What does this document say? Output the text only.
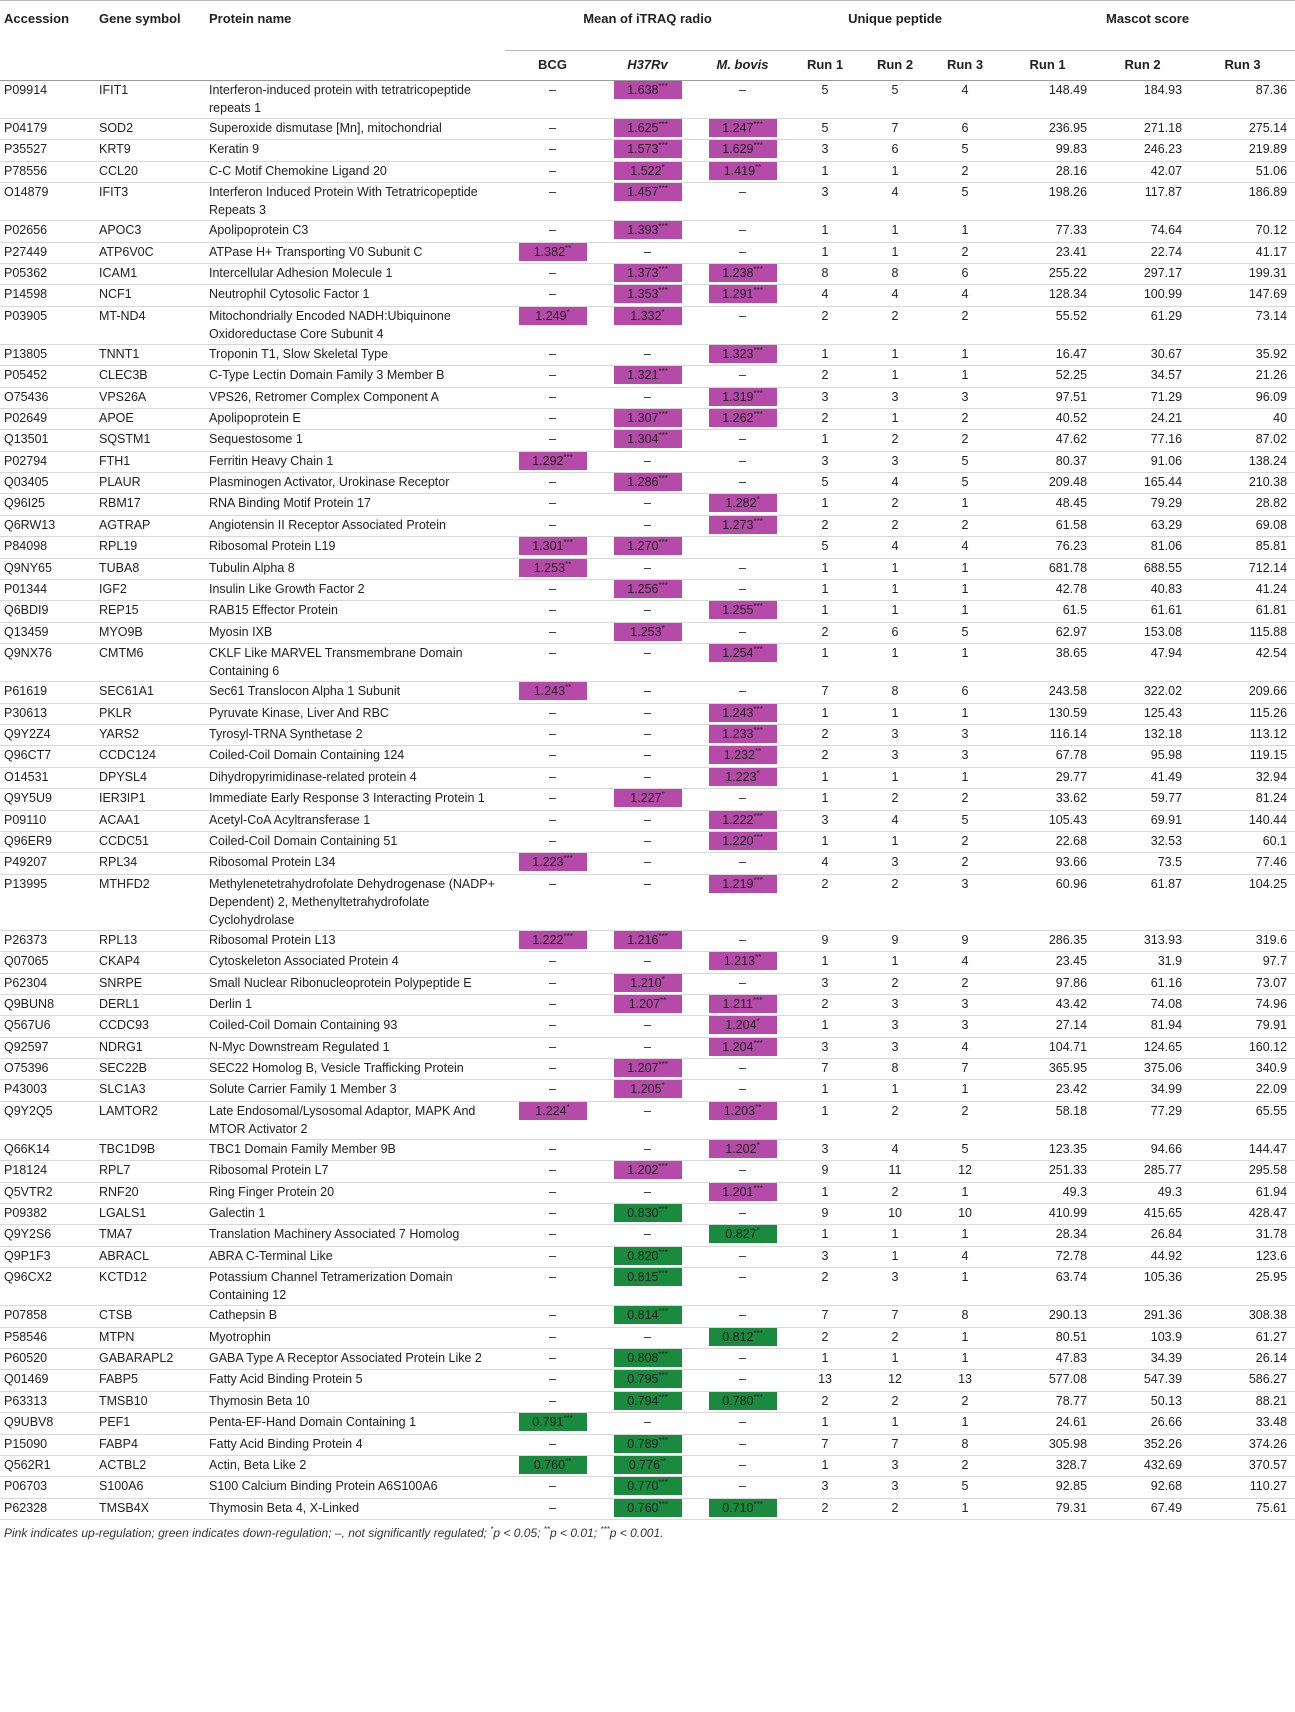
Accession	Gene symbol	Protein name	Mean of iTRAQ radio			Unique peptide			Mascot score		
			BCG	H37Rv	M. bovis	Run 1	Run 2	Run 3	Run 1	Run 2	Run 3
P09914	IFIT1	Interferon-induced protein with tetratricopeptide repeats 1	–	1.638***	–	5	5	4	148.49	184.93	87.36
P04179	SOD2	Superoxide dismutase [Mn], mitochondrial	–	1.625***	1.247***	5	7	6	236.95	271.18	275.14
P35527	KRT9	Keratin 9	–	1.573***	1.629***	3	6	5	99.83	246.23	219.89
P78556	CCL20	C-C Motif Chemokine Ligand 20	–	1.522*	1.419**	1	1	2	28.16	42.07	51.06
O14879	IFIT3	Interferon Induced Protein With Tetratricopeptide Repeats 3	–	1.457***	–	3	4	5	198.26	117.87	186.89
P02656	APOC3	Apolipoprotein C3	–	1.393***	–	1	1	1	77.33	74.64	70.12
P27449	ATP6V0C	ATPase H+ Transporting V0 Subunit C	1.382**	–	–	1	1	2	23.41	22.74	41.17
P05362	ICAM1	Intercellular Adhesion Molecule 1	–	1.373***	1.238***	8	8	6	255.22	297.17	199.31
P14598	NCF1	Neutrophil Cytosolic Factor 1	–	1.353***	1.291***	4	4	4	128.34	100.99	147.69
P03905	MT-ND4	Mitochondrially Encoded NADH:Ubiquinone Oxidoreductase Core Subunit 4	1.249*	1.332*	–	2	2	2	55.52	61.29	73.14
P13805	TNNT1	Troponin T1, Slow Skeletal Type	–	–	1.323***	1	1	1	16.47	30.67	35.92
P05452	CLEC3B	C-Type Lectin Domain Family 3 Member B	–	1.321***	–	2	1	1	52.25	34.57	21.26
O75436	VPS26A	VPS26, Retromer Complex Component A	–	–	1.319***	3	3	3	97.51	71.29	96.09
P02649	APOE	Apolipoprotein E	–	1.307***	1.262***	2	1	2	40.52	24.21	40
Q13501	SQSTM1	Sequestosome 1	–	1.304***	–	1	2	2	47.62	77.16	87.02
P02794	FTH1	Ferritin Heavy Chain 1	1.292***	–	–	3	3	5	80.37	91.06	138.24
Q03405	PLAUR	Plasminogen Activator, Urokinase Receptor	–	1.286***	–	5	4	5	209.48	165.44	210.38
Q96I25	RBM17	RNA Binding Motif Protein 17	–	–	1.282*	1	2	1	48.45	79.29	28.82
Q6RW13	AGTRAP	Angiotensin II Receptor Associated Protein	–	–	1.273***	2	2	2	61.58	63.29	69.08
P84098	RPL19	Ribosomal Protein L19	1.301***	1.270***		5	4	4	76.23	81.06	85.81
Q9NY65	TUBA8	Tubulin Alpha 8	1.253**	–	–	1	1	1	681.78	688.55	712.14
P01344	IGF2	Insulin Like Growth Factor 2	–	1.256***	–	1	1	1	42.78	40.83	41.24
Q6BDI9	REP15	RAB15 Effector Protein	–	–	1.255***	1	1	1	61.5	61.61	61.81
Q13459	MYO9B	Myosin IXB	–	1.253*	–	2	6	5	62.97	153.08	115.88
Q9NX76	CMTM6	CKLF Like MARVEL Transmembrane Domain Containing 6	–	–	1.254***	1	1	1	38.65	47.94	42.54
P61619	SEC61A1	Sec61 Translocon Alpha 1 Subunit	1.243**	–	–	7	8	6	243.58	322.02	209.66
P30613	PKLR	Pyruvate Kinase, Liver And RBC	–	–	1.243***	1	1	1	130.59	125.43	115.26
Q9Y2Z4	YARS2	Tyrosyl-TRNA Synthetase 2	–	–	1.233***	2	3	3	116.14	132.18	113.12
Q96CT7	CCDC124	Coiled-Coil Domain Containing 124	–	–	1.232**	2	3	3	67.78	95.98	119.15
O14531	DPYSL4	Dihydropyrimidinase-related protein 4	–	–	1.223*	1	1	1	29.77	41.49	32.94
Q9Y5U9	IER3IP1	Immediate Early Response 3 Interacting Protein 1	–	1.227*	–	1	2	2	33.62	59.77	81.24
P09110	ACAA1	Acetyl-CoA Acyltransferase 1	–	–	1.222***	3	4	5	105.43	69.91	140.44
Q96ER9	CCDC51	Coiled-Coil Domain Containing 51	–	–	1.220***	1	1	2	22.68	32.53	60.1
P49207	RPL34	Ribosomal Protein L34	1.223***	–	–	4	3	2	93.66	73.5	77.46
P13995	MTHFD2	Methylenetetrahydrofolate Dehydrogenase (NADP+ Dependent) 2, Methenyltetrahydrofolate Cyclohydrolase	–	–	1.219***	2	2	3	60.96	61.87	104.25
P26373	RPL13	Ribosomal Protein L13	1.222***	1.216***	–	9	9	9	286.35	313.93	319.6
Q07065	CKAP4	Cytoskeleton Associated Protein 4	–	–	1.213**	1	1	4	23.45	31.9	97.7
P62304	SNRPE	Small Nuclear Ribonucleoprotein Polypeptide E	–	1.210*	–	3	2	2	97.86	61.16	73.07
Q9BUN8	DERL1	Derlin 1	–	1.207**	1.211***	2	3	3	43.42	74.08	74.96
Q567U6	CCDC93	Coiled-Coil Domain Containing 93	–	–	1.204*	1	3	3	27.14	81.94	79.91
Q92597	NDRG1	N-Myc Downstream Regulated 1	–	–	1.204***	3	3	4	104.71	124.65	160.12
O75396	SEC22B	SEC22 Homolog B, Vesicle Trafficking Protein	–	1.207***	–	7	8	7	365.95	375.06	340.9
P43003	SLC1A3	Solute Carrier Family 1 Member 3	–	1.205*	–	1	1	1	23.42	34.99	22.09
Q9Y2Q5	LAMTOR2	Late Endosomal/Lysosomal Adaptor, MAPK And MTOR Activator 2	1.224*	–	1.203**	1	2	2	58.18	77.29	65.55
Q66K14	TBC1D9B	TBC1 Domain Family Member 9B	–	–	1.202*	3	4	5	123.35	94.66	144.47
P18124	RPL7	Ribosomal Protein L7	–	1.202***	–	9	11	12	251.33	285.77	295.58
Q5VTR2	RNF20	Ring Finger Protein 20	–	–	1.201***	1	2	1	49.3	49.3	61.94
P09382	LGALS1	Galectin 1	–	0.830***	–	9	10	10	410.99	415.65	428.47
Q9Y2S6	TMA7	Translation Machinery Associated 7 Homolog	–	–	0.827*	1	1	1	28.34	26.84	31.78
Q9P1F3	ABRACL	ABRA C-Terminal Like	–	0.820***	–	3	1	4	72.78	44.92	123.6
Q96CX2	KCTD12	Potassium Channel Tetramerization Domain Containing 12	–	0.815***	–	2	3	1	63.74	105.36	25.95
P07858	CTSB	Cathepsin B	–	0.814***	–	7	7	8	290.13	291.36	308.38
P58546	MTPN	Myotrophin	–	–	0.812***	2	2	1	80.51	103.9	61.27
P60520	GABARAPL2	GABA Type A Receptor Associated Protein Like 2	–	0.808***	–	1	1	1	47.83	34.39	26.14
Q01469	FABP5	Fatty Acid Binding Protein 5	–	0.795***	–	13	12	13	577.08	547.39	586.27
P63313	TMSB10	Thymosin Beta 10	–	0.794***	0.780***	2	2	2	78.77	50.13	88.21
Q9UBV8	PEF1	Penta-EF-Hand Domain Containing 1	0.791***	–	–	1	1	1	24.61	26.66	33.48
P15090	FABP4	Fatty Acid Binding Protein 4	–	0.789***	–	7	7	8	305.98	352.26	374.26
Q562R1	ACTBL2	Actin, Beta Like 2	0.760**	0.776**	–	1	3	2	328.7	432.69	370.57
P06703	S100A6	S100 Calcium Binding Protein A6S100A6	–	0.770***	–	3	3	5	92.85	92.68	110.27
P62328	TMSB4X	Thymosin Beta 4, X-Linked	–	0.760***	0.710***	2	2	1	79.31	67.49	75.61
Pink indicates up-regulation; green indicates down-regulation; –, not significantly regulated; *p < 0.05; **p < 0.01; ***p < 0.001.
